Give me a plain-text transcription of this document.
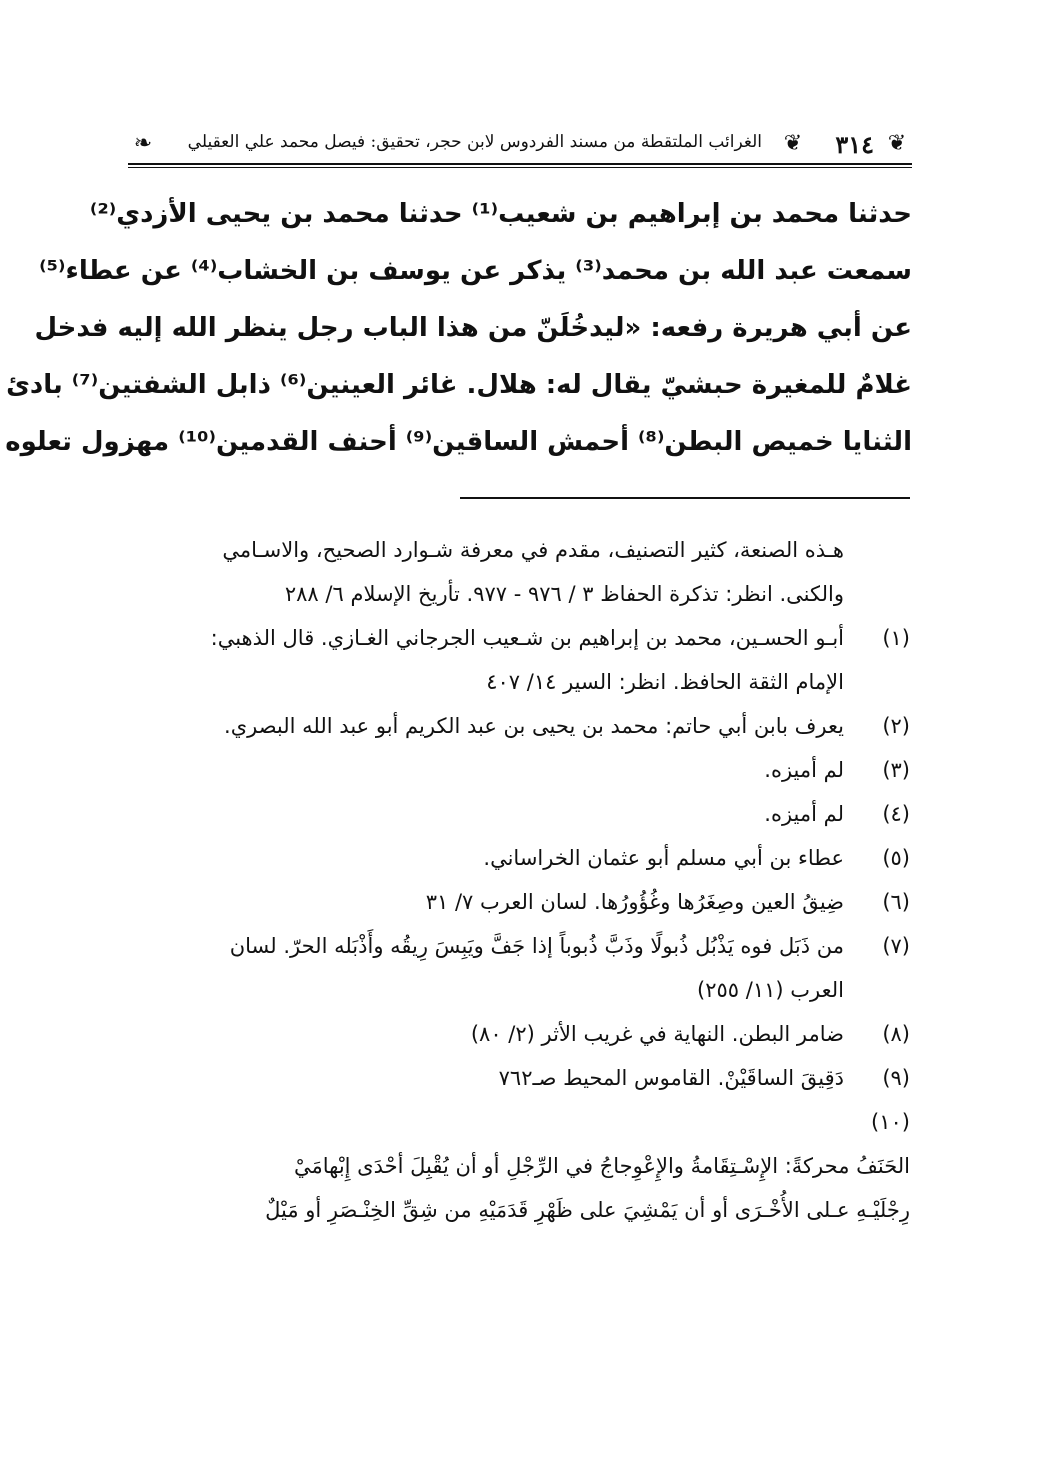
❦
٣١٤
❦
الغرائب الملتقطة من مسند الفردوس لابن حجر، تحقيق: فيصل محمد علي العقيلي
❧
حدثنا محمد بن إبراهيم بن شعيب⁽¹⁾ حدثنا محمد بن يحيى الأزدي⁽²⁾
سمعت عبد الله بن محمد⁽³⁾ يذكر عن يوسف بن الخشاب⁽⁴⁾ عن عطاء⁽⁵⁾
عن أبي هريرة رفعه: «ليدخُلَنّ من هذا الباب رجل ينظر الله إليه فدخل
غلامٌ للمغيرة حبشيّ يقال له: هلال. غائر العينين⁽⁶⁾ ذابل الشفتين⁽⁷⁾ بادئ
الثنايا خميص البطن⁽⁸⁾ أحمش الساقين⁽⁹⁾ أحنف القدمين⁽¹⁰⁾ مهزول تعلوه
هـذه الصنعة، كثير التصنيف، مقدم في معرفة شـوارد الصحيح، والاسـامي
والكنى. انظر: تذكرة الحفاظ ٣ / ٩٧٦ - ٩٧٧. تأريخ الإسلام ٦/ ٢٨٨
(١)
أبـو الحسـين، محمد بن إبراهيم بن شـعيب الجرجاني الغـازي. قال الذهبي:
الإمام الثقة الحافظ. انظر: السير ١٤/ ٤٠٧
(٢)
يعرف بابن أبي حاتم: محمد بن يحيى بن عبد الكريم أبو عبد الله البصري.
(٣)
لم أميزه.
(٤)
لم أميزه.
(٥)
عطاء بن أبي مسلم أبو عثمان الخراساني.
(٦)
ضِيقُ العين وصِغَرُها وغُؤُورُها. لسان العرب ٧/ ٣١
(٧)
من ذَبَل فوه يَذْبُل ذُبولًا وذَبَّ ذُبوباً إذا جَفَّ ويَبِسَ رِيقُه وأَذْبَله الحرّ. لسان
العرب (١١/ ٢٥٥)
(٨)
ضامر البطن. النهاية في غريب الأثر (٢/ ٨٠)
(٩)
دَقِيقَ الساقَيْنْ. القاموس المحيط صـ٧٦٢
(١٠)
الحَنَفُ محركةً: الإِسْـتِقَامةُ والإِعْوِجاجُ في الرِّجْلِ أو أن يُقْبِلَ أحْدَى إِبْهامَيْ
رِجْلَيْـهِ عـلى الأُخْـرَى أو أن يَمْشِيَ على ظَهْرِ قَدَمَيْهِ من شِقِّ الخِنْـصَرِ أو مَيْلٌ
